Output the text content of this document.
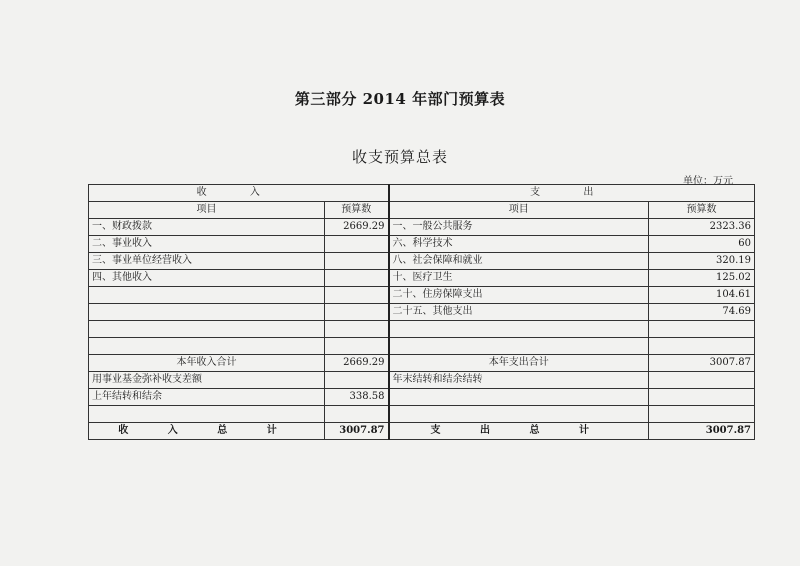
第三部分 2014 年部门预算表
收支预算总表
单位：万元
收 入		支 出	
项目	预算数	项目	预算数
一、财政拨款	2669.29	一、一般公共服务	2323.36
二、事业收入		六、科学技术	60
三、事业单位经营收入		八、社会保障和就业	320.19
四、其他收入		十、医疗卫生	125.02
		二十、住房保障支出	104.61
		二十五、其他支出	74.69

本年收入合计	2669.29	本年支出合计	3007.87
用事业基金弥补收支差额		年末结转和结余结转	
上年结转和结余	338.58		

收 入 总 计	3007.87	支 出 总 计	3007.87
